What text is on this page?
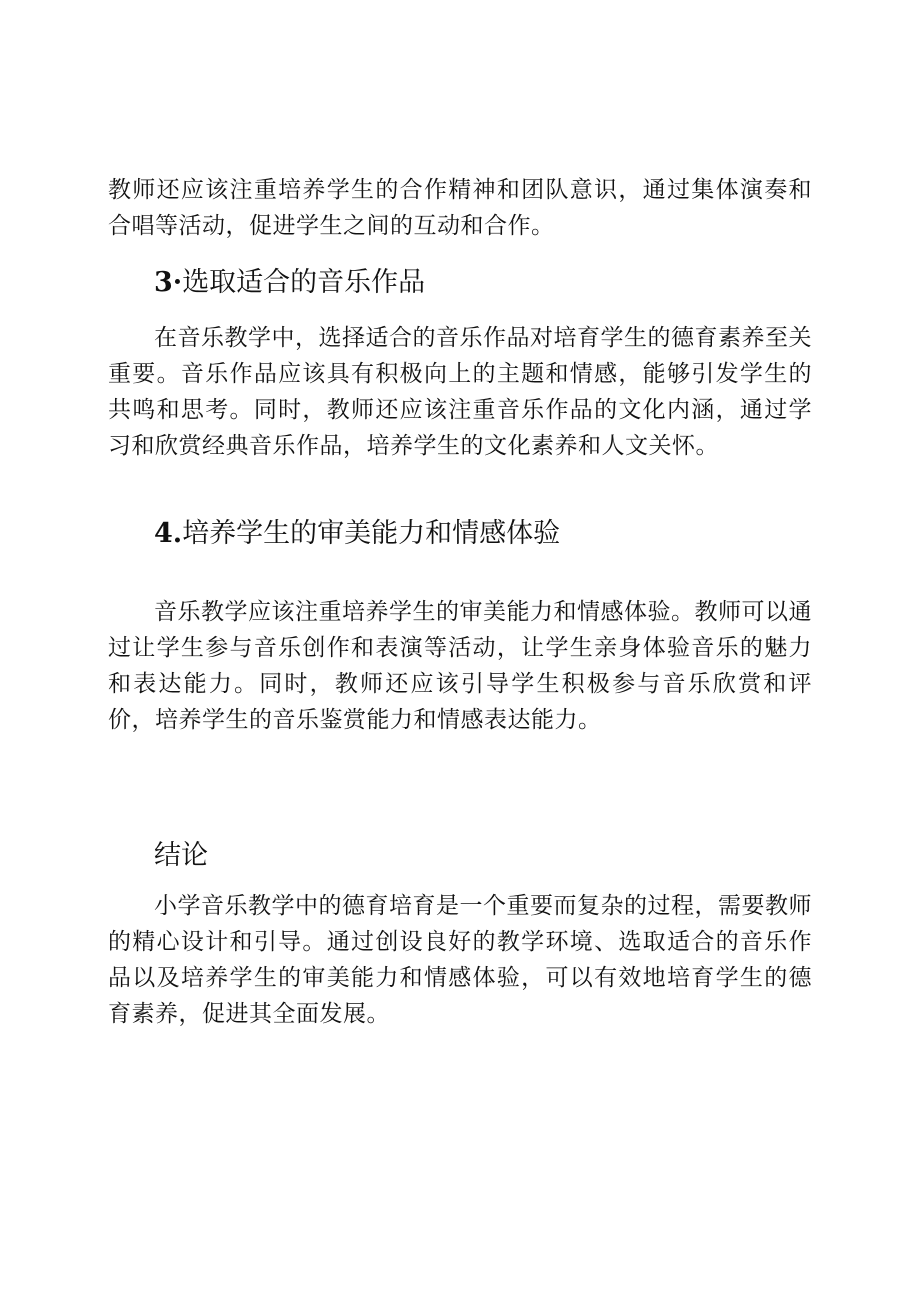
教师还应该注重培养学生的合作精神和团队意识，通过集体演奏和合唱等活动，促进学生之间的互动和合作。

3·选取适合的音乐作品

在音乐教学中，选择适合的音乐作品对培育学生的德育素养至关重要。音乐作品应该具有积极向上的主题和情感，能够引发学生的共鸣和思考。同时，教师还应该注重音乐作品的文化内涵，通过学习和欣赏经典音乐作品，培养学生的文化素养和人文关怀。

4.培养学生的审美能力和情感体验

音乐教学应该注重培养学生的审美能力和情感体验。教师可以通过让学生参与音乐创作和表演等活动，让学生亲身体验音乐的魅力和表达能力。同时，教师还应该引导学生积极参与音乐欣赏和评价，培养学生的音乐鉴赏能力和情感表达能力。

结论

小学音乐教学中的德育培育是一个重要而复杂的过程，需要教师的精心设计和引导。通过创设良好的教学环境、选取适合的音乐作品以及培养学生的审美能力和情感体验，可以有效地培育学生的德育素养，促进其全面发展。
